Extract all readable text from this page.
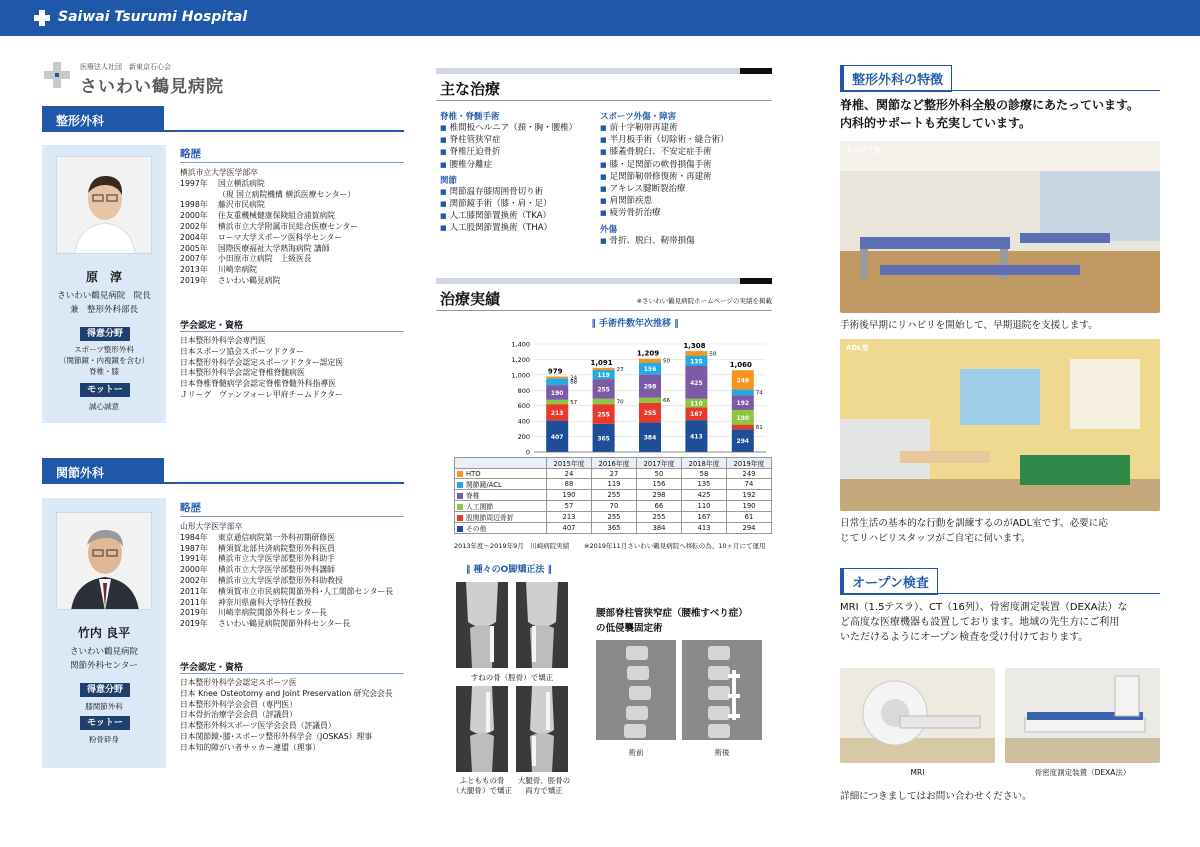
Saiwai Tsurumi Hospital
医療法人社団　新東京石心会
さいわい鶴見病院
整形外科
原　淳
さいわい鶴見病院　院長
兼　整形外科部長
得意分野
スポーツ整形外科
（関節鏡・内視鏡を含む）
脊椎・膝
モットー
誠心誠意
略歴
横浜市立大学医学部卒
1997年 国立横浜病院
（現 国立病院機構 横浜医療センター）
1998年 藤沢市民病院
2000年 住友重機械健康保険組合浦賀病院
2002年 横浜市立大学附属市民総合医療センター
2004年 ローマ大学スポーツ医科学センター
2005年 国際医療福祉大学熱海病院 講師
2007年 小田原市立病院　上級医長
2013年 川崎幸病院
2019年 さいわい鶴見病院
学会認定・資格
日本整形外科学会専門医
日本スポーツ協会スポーツドクター
日本整形外科学会認定スポーツドクター認定医
日本整形外科学会認定脊椎脊髄病医
日本脊椎脊髄病学会認定脊椎脊髄外科指導医
Ｊリーグ　ヴァンフォーレ甲府チームドクター
関節外科
竹内 良平
さいわい鶴見病院
関節外科センター
得意分野
膝関節外科
モットー
粉骨砕身
略歴
山形大学医学部卒
1984年 東京通信病院第一外科初期研修医
1987年 横須賀北部共済病院整形外科医員
1991年 横浜市立大学医学部整形外科助手
2000年 横浜市立大学医学部整形外科講師
2002年 横浜市立大学医学部整形外科助教授
2011年 横須賀市立市民病院関節外科･人工関節センター長
2011年 神奈川県歯科大学特任教授
2019年 川崎幸病院関節外科センター長
2019年 さいわい鶴見病院関節外科センター長
学会認定・資格
日本整形外科学会認定スポーツ医
日本 Knee Osteotomy and Joint Preservation 研究会会長
日本整形外科学会会員（専門医）
日本骨折治療学会会員（評議員）
日本整形外科スポーツ医学会会員（評議員）
日本関節鏡･膝･スポーツ整形外科学会（JOSKAS）理事
日本知的障がい者サッカー連盟（理事）
主な治療
脊椎・脊髄手術
■ 椎間板ヘルニア（頚・胸・腰椎）
■ 脊柱管狭窄症
■ 脊椎圧迫骨折
■ 腰椎分離症
関節
■ 関節温存膝周囲骨切り術
■ 関節鏡手術（膝・肩・足）
■ 人工膝関節置換術（TKA）
■ 人工股関節置換術（THA）
スポーツ外傷・障害
■ 前十字靭帯再建術
■ 半月板手術（切除術・縫合術）
■ 膝蓋骨脱臼、不安定症手術
■ 膝・足関節の軟骨損傷手術
■ 足関節靭帯修復術・再建術
■ アキレス腱断裂治療
■ 肩関節疾患
■ 疲労骨折治療
外傷
■ 骨折、脱臼、靭帯損傷
治療実績	※さいわい鶴見病院ホームページの実績を掲載
‖ 手術件数年次推移 ‖
0
200
400
600
800
1,000
1,200
1,400
407
213
57
190
88
24
979
365
255
70
255
119
27
1,091
384
255
66
298
156
50
1,209
413
167
110
425
135
58
1,308
294
61
190
192
74
249
1,060
	2015年度	2016年度	2017年度	2018年度	2019年度
HTO	24	27	50	58	249
関節鏡/ACL	88	119	156	135	74
脊椎	190	255	298	425	192
人工関節	57	70	66	110	190
股関節周辺骨折	213	255	255	167	61
その他	407	365	384	413	294
2013年度〜2019年9月　川崎病院実績 ※2019年11月さいわい鶴見病院へ移転の為、10ヶ月にて運用
‖ 種々のO脚矯正法 ‖
すねの骨（脛骨）で矯正
ふとももの骨
（大腿骨）で矯正
大腿骨、脛骨の
両方で矯正
腰部脊柱管狭窄症（腰椎すべり症）
の低侵襲固定術
術前	術後
整形外科の特徴
脊椎、関節など整形外科全般の診療にあたっています。
内科的サポートも充実しています。
リハビリ室
手術後早期にリハビリを開始して、早期退院を支援します。
ADL室
日常生活の基本的な行動を訓練するのがADL室です。必要に応
じてリハビリスタッフがご自宅に伺います。
オープン検査
MRI（1.5テスラ）、CT（16列）、骨密度測定装置（DEXA法）な
ど高度な医療機器も設置しております。地域の先生方にご利用
いただけるようにオープン検査を受け付けております。
MRI	骨密度測定装置（DEXA法）
詳細につきましてはお問い合わせください。
